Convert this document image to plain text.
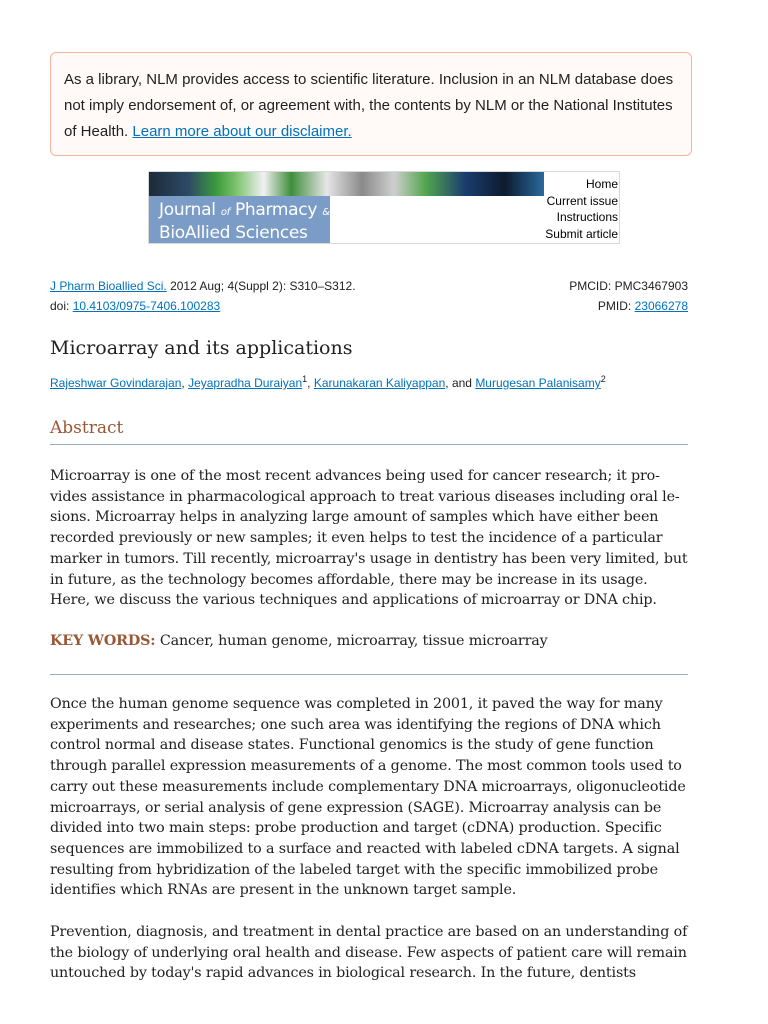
As a library, NLM provides access to scientific literature. Inclusion in an NLM database does not imply endorsement of, or agreement with, the contents by NLM or the National Institutes of Health. Learn more about our disclaimer.
Journal of Pharmacy &
BioAllied Sciences
Home
Current issue
Instructions
Submit article
J Pharm Bioallied Sci. 2012 Aug; 4(Suppl 2): S310–S312.
doi: 10.4103/0975-7406.100283
PMCID: PMC3467903
PMID: 23066278
Microarray and its applications
Rajeshwar Govindarajan, Jeyapradha Duraiyan$^1$, Karunakaran Kaliyappan, and Murugesan Palanisamy$^2$
Abstract

Microarray is one of the most recent advances being used for cancer research; it provides assistance in pharmacological approach to treat various diseases including oral lesions. Microarray helps in analyzing large amount of samples which have either been recorded previously or new samples; it even helps to test the incidence of a particular marker in tumors. Till recently, microarray's usage in dentistry has been very limited, but in future, as the technology becomes affordable, there may be increase in its usage. Here, we discuss the various techniques and applications of microarray or DNA chip.

KEY WORDS: Cancer, human genome, microarray, tissue microarray

Once the human genome sequence was completed in 2001, it paved the way for many experiments and researches; one such area was identifying the regions of DNA which control normal and disease states. Functional genomics is the study of gene function through parallel expression measurements of a genome. The most common tools used to carry out these measurements include complementary DNA microarrays, oligonucleotide microarrays, or serial analysis of gene expression (SAGE). Microarray analysis can be divided into two main steps: probe production and target (cDNA) production. Specific sequences are immobilized to a surface and reacted with labeled cDNA targets. A signal resulting from hybridization of the labeled target with the specific immobilized probe identifies which RNAs are present in the unknown target sample.

Prevention, diagnosis, and treatment in dental practice are based on an understanding of the biology of underlying oral health and disease. Few aspects of patient care will remain untouched by today's rapid advances in biological research. In the future, dentists
